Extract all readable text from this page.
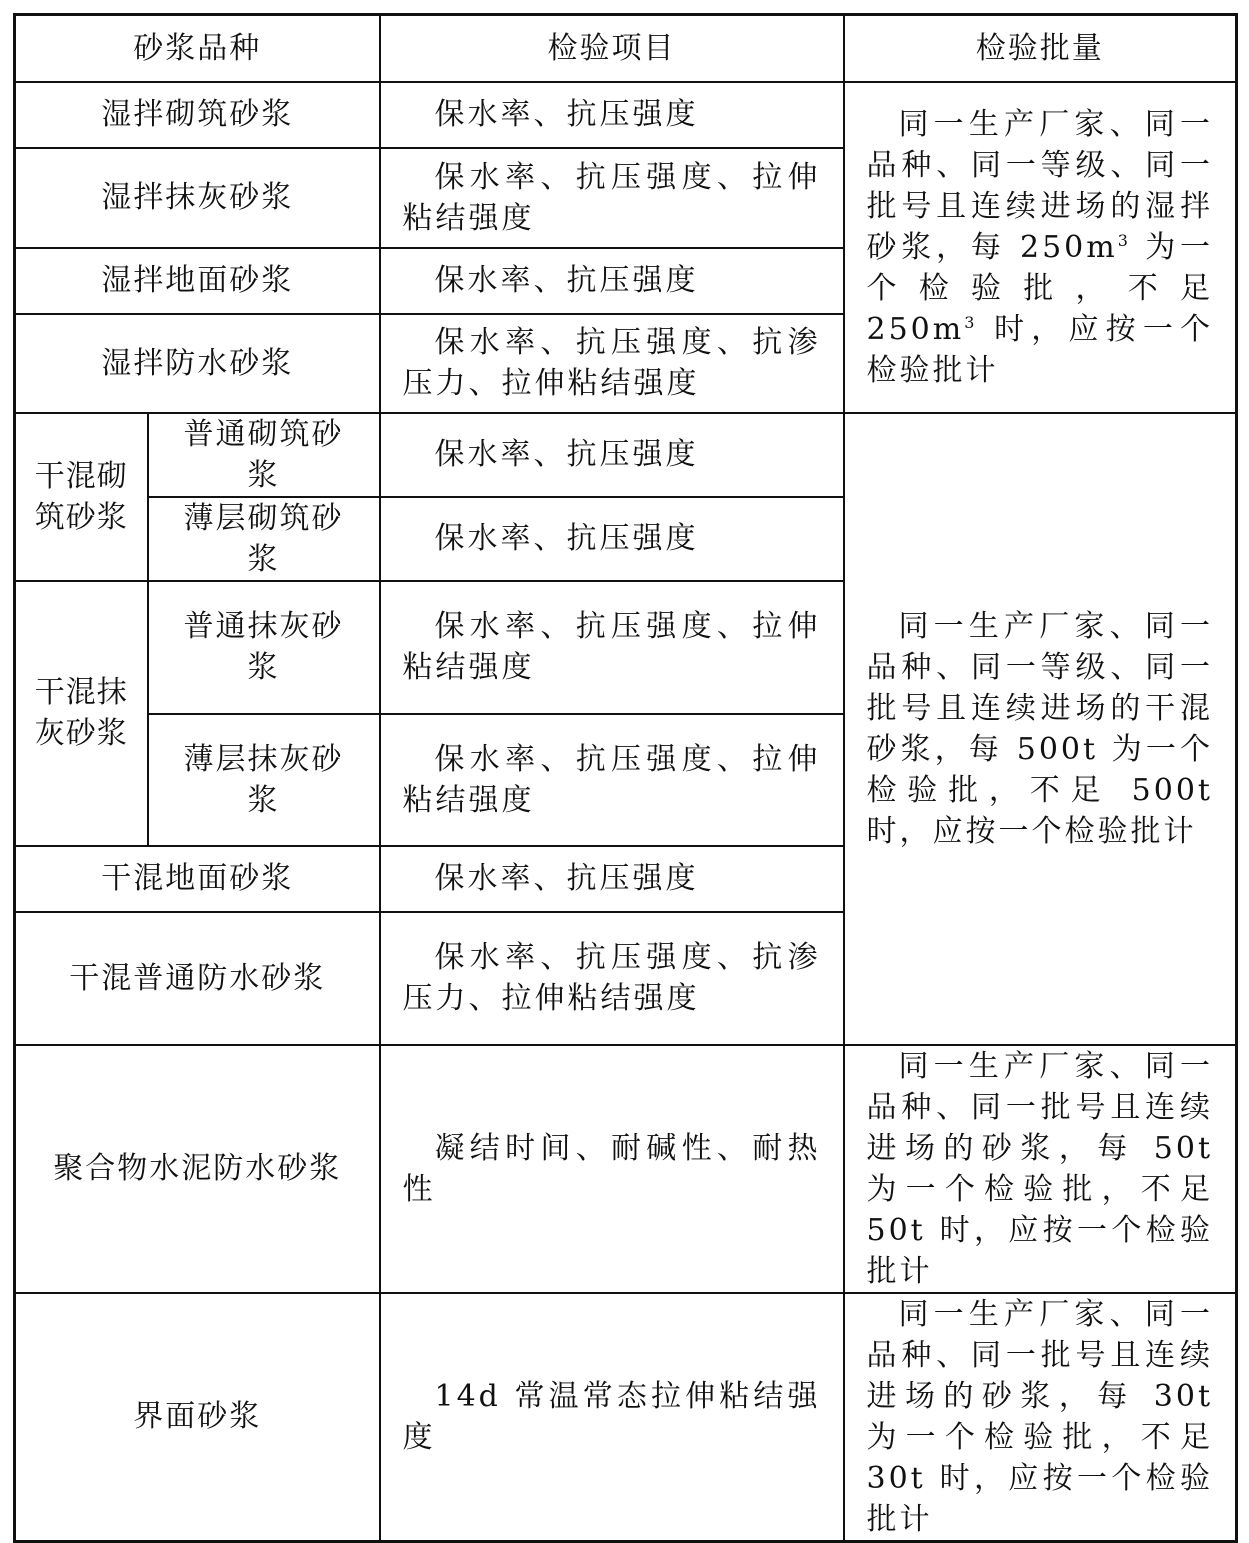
砂浆品种		检验项目	检验批量
湿拌砌筑砂浆		保水率、抗压强度	同一生产厂家、同一品种、同一等级、同一批号且连续进场的湿拌砂浆，每 $250m^3$ 为一个检验批，不足 $250m^3$ 时，应按一个检验批计
湿拌抹灰砂浆		保水率、抗压强度、拉伸粘结强度	
湿拌地面砂浆		保水率、抗压强度	
湿拌防水砂浆		保水率、抗压强度、抗渗压力、拉伸粘结强度	
干混砌筑砂浆	普通砌筑砂浆	保水率、抗压强度	同一生产厂家、同一品种、同一等级、同一批号且连续进场的干混砂浆，每 500t 为一个检验批，不足 500t 时，应按一个检验批计
	薄层砌筑砂浆	保水率、抗压强度	
干混抹灰砂浆	普通抹灰砂浆	保水率、抗压强度、拉伸粘结强度	
	薄层抹灰砂浆	保水率、抗压强度、拉伸粘结强度	
干混地面砂浆		保水率、抗压强度	
干混普通防水砂浆		保水率、抗压强度、抗渗压力、拉伸粘结强度	
聚合物水泥防水砂浆		凝结时间、耐碱性、耐热性	同一生产厂家、同一品种、同一批号且连续进场的砂浆，每 50t 为一个检验批，不足 50t 时，应按一个检验批计
界面砂浆		14d 常温常态拉伸粘结强度	同一生产厂家、同一品种、同一批号且连续进场的砂浆，每 30t 为一个检验批，不足 30t 时，应按一个检验批计
